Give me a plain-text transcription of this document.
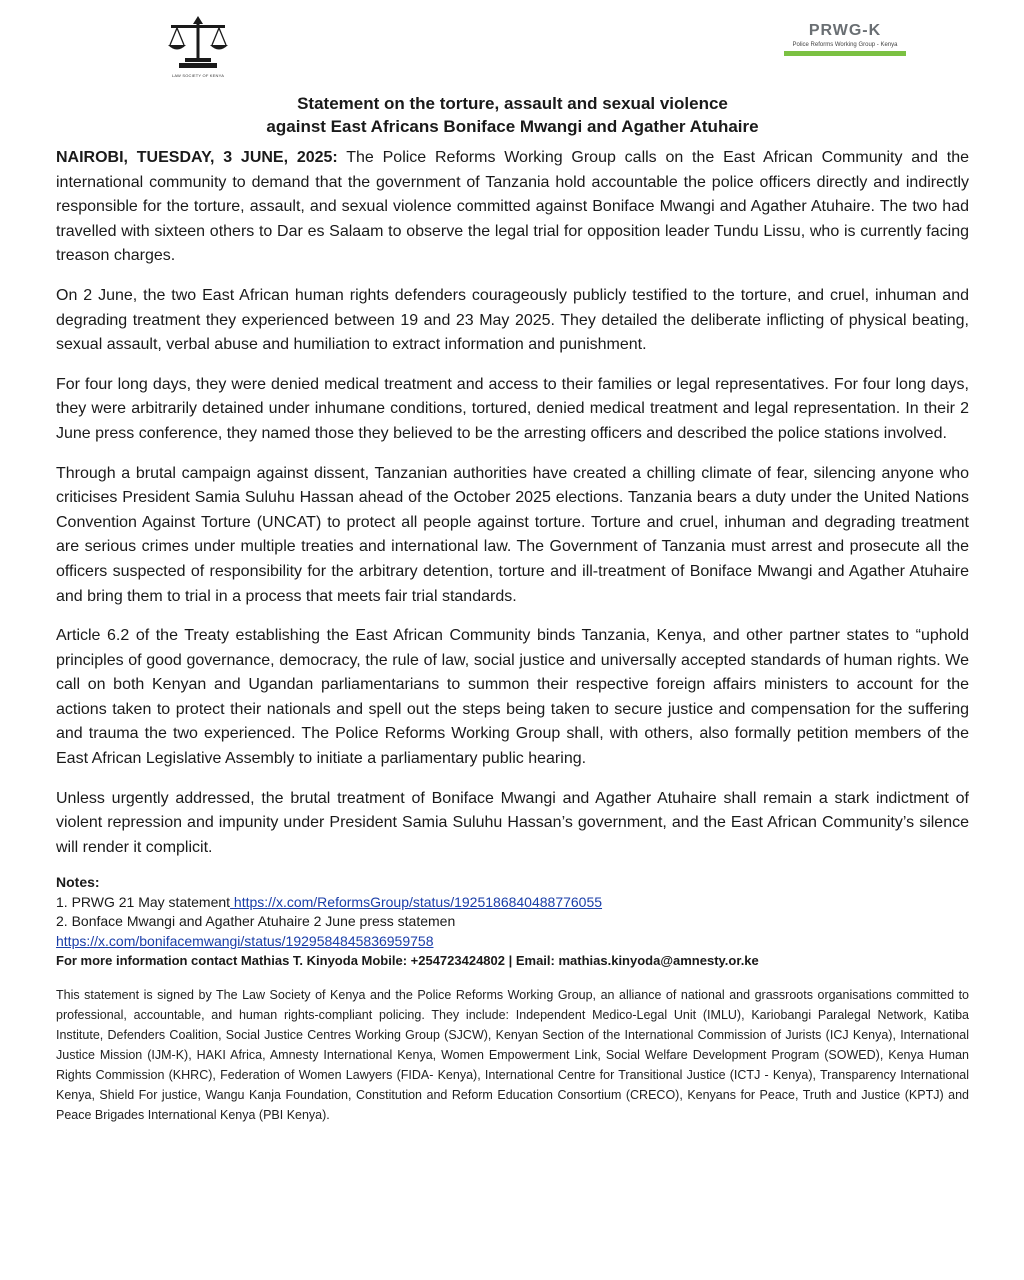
LAW SOCIETY OF KENYA
PRWG-K
Police Reforms Working Group - Kenya
Statement on the torture, assault and sexual violence
against East Africans Boniface Mwangi and Agather Atuhaire

NAIROBI, TUESDAY, 3 JUNE, 2025: The Police Reforms Working Group calls on the East African Community and the international community to demand that the government of Tanzania hold accountable the police officers directly and indirectly responsible for the torture, assault, and sexual violence committed against Boniface Mwangi and Agather Atuhaire. The two had travelled with sixteen others to Dar es Salaam to observe the legal trial for opposition leader Tundu Lissu, who is currently facing treason charges.

On 2 June, the two East African human rights defenders courageously publicly testified to the torture, and cruel, inhuman and degrading treatment they experienced between 19 and 23 May 2025. They detailed the deliberate inflicting of physical beating, sexual assault, verbal abuse and humiliation to extract information and punishment.

For four long days, they were denied medical treatment and access to their families or legal representatives. For four long days, they were arbitrarily detained under inhumane conditions, tortured, denied medical treatment and legal representation. In their 2 June press conference, they named those they believed to be the arresting officers and described the police stations involved.

Through a brutal campaign against dissent, Tanzanian authorities have created a chilling climate of fear, silencing anyone who criticises President Samia Suluhu Hassan ahead of the October 2025 elections. Tanzania bears a duty under the United Nations Convention Against Torture (UNCAT) to protect all people against torture. Torture and cruel, inhuman and degrading treatment are serious crimes under multiple treaties and international law. The Government of Tanzania must arrest and prosecute all the officers suspected of responsibility for the arbitrary detention, torture and ill-treatment of Boniface Mwangi and Agather Atuhaire and bring them to trial in a process that meets fair trial standards.

Article 6.2 of the Treaty establishing the East African Community binds Tanzania, Kenya, and other partner states to “uphold principles of good governance, democracy, the rule of law, social justice and universally accepted standards of human rights. We call on both Kenyan and Ugandan parliamentarians to summon their respective foreign affairs ministers to account for the actions taken to protect their nationals and spell out the steps being taken to secure justice and compensation for the suffering and trauma the two experienced. The Police Reforms Working Group shall, with others, also formally petition members of the East African Legislative Assembly to initiate a parliamentary public hearing.

Unless urgently addressed, the brutal treatment of Boniface Mwangi and Agather Atuhaire shall remain a stark indictment of violent repression and impunity under President Samia Suluhu Hassan’s government, and the East African Community’s silence will render it complicit.

Notes:
1. PRWG 21 May statement https://x.com/ReformsGroup/status/1925186840488776055
2. Bonface Mwangi and Agather Atuhaire 2 June press statemen
https://x.com/bonifacemwangi/status/1929584845836959758
For more information contact Mathias T. Kinyoda Mobile: +254723424802 | Email: mathias.kinyoda@amnesty.or.ke
This statement is signed by The Law Society of Kenya and the Police Reforms Working Group, an alliance of national and grassroots organisations committed to professional, accountable, and human rights-compliant policing. They include: Independent Medico-Legal Unit (IMLU), Kariobangi Paralegal Network, Katiba Institute, Defenders Coalition, Social Justice Centres Working Group (SJCW), Kenyan Section of the International Commission of Jurists (ICJ Kenya), International Justice Mission (IJM-K), HAKI Africa, Amnesty International Kenya, Women Empowerment Link, Social Welfare Development Program (SOWED), Kenya Human Rights Commission (KHRC), Federation of Women Lawyers (FIDA- Kenya), International Centre for Transitional Justice (ICTJ - Kenya), Transparency International Kenya, Shield For justice, Wangu Kanja Foundation, Constitution and Reform Education Consortium (CRECO), Kenyans for Peace, Truth and Justice (KPTJ) and Peace Brigades International Kenya (PBI Kenya).
